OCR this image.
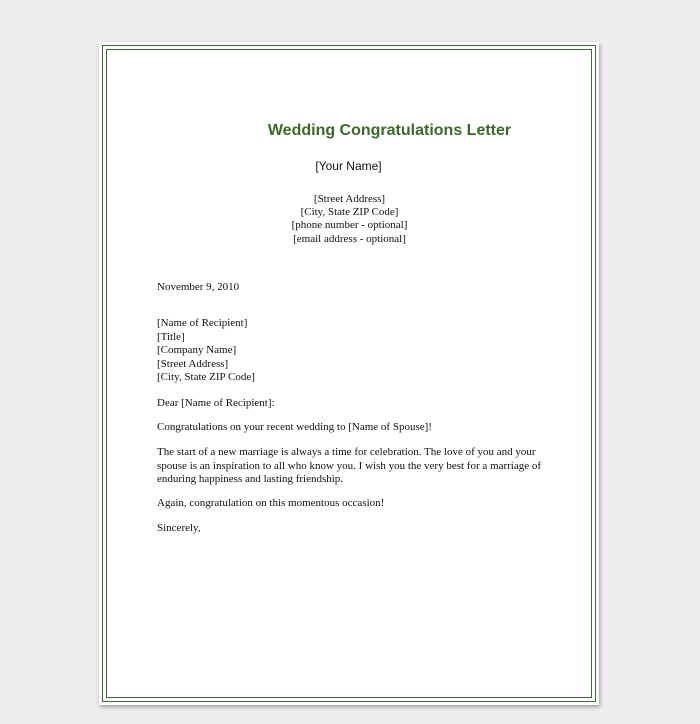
Wedding Congratulations Letter
[Your Name]
[Street Address]
[City, State ZIP Code]
[phone number - optional]
[email address - optional]
November 9, 2010
[Name of Recipient]
[Title]
[Company Name]
[Street Address]
[City, State ZIP Code]
Dear [Name of Recipient]:
Congratulations on your recent wedding to [Name of Spouse]!
The start of a new marriage is always a time for celebration. The love of you and your
spouse is an inspiration to all who know you. I wish you the very best for a marriage of
enduring happiness and lasting friendship.
Again, congratulation on this momentous occasion!
Sincerely,
